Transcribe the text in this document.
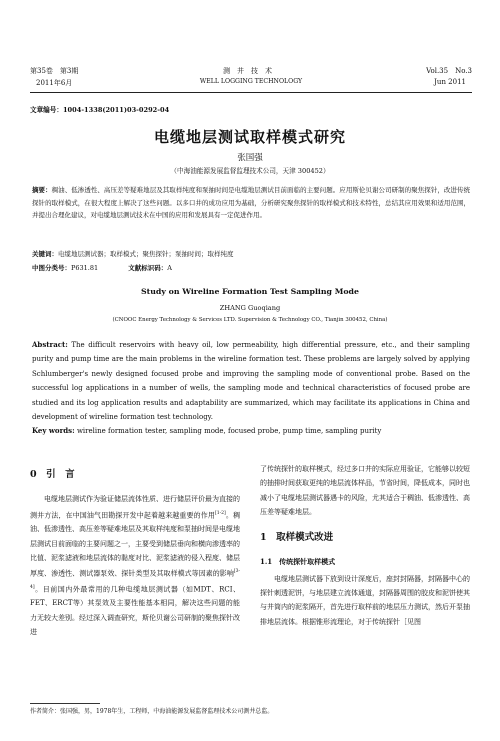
第35卷　第3期
2011年6月
测井技术
WELL LOGGING TECHNOLOGY
Vol.35　No.3
Jun 2011
文章编号：1004-1338(2011)03-0292-04
电缆地层测试取样模式研究
张国强
（中海油能源发展监督监理技术公司，天津 300452）
摘要：稠油、低渗透性、高压差等疑难地层及其取样纯度和泵抽时间是电缆地层测试目前面临的主要问题。应用斯伦贝谢公司研制的聚焦探针，改进传统探针的取样模式，在很大程度上解决了这些问题。以多口井的成功应用为基础，分析研究聚焦探针的取样模式和技术特性，总结其应用效果和适用范围，并提出合理化建议，对电缆地层测试技术在中国的应用和发展具有一定促进作用。
关键词：电缆地层测试器；取样模式；聚焦探针；泵抽时间；取样纯度
中图分类号：P631.81	文献标识码：A
Study on Wireline Formation Test Sampling Mode
ZHANG Guoqiang
(CNOOC Energy Technology & Services LTD. Supervision & Technology CO., Tianjin 300452, China)
Abstract: The difficult reservoirs with heavy oil, low permeability, high differential pressure, etc., and their sampling purity and pump time are the main problems in the wireline formation test. These problems are largely solved by applying Schlumberger's newly designed focused probe and improving the sampling mode of conventional probe. Based on the successful log applications in a number of wells, the sampling mode and technical characteristics of focused probe are studied and its log application results and adaptability are summarized, which may facilitate its applications in China and development of wireline formation test technology.
Key words: wireline formation tester, sampling mode, focused probe, pump time, sampling purity
0　引　言

电缆地层测试作为验证储层流体性质、进行储层评价最为直接的测井方法，在中国油气田勘探开发中起着越来越重要的作用[1-2]。稠油、低渗透性、高压差等疑难地层及其取样纯度和泵抽时间是电缆地层测试目前面临的主要问题之一，主要受到储层垂向和横向渗透率的比值、泥浆滤液和地层流体的黏度对比、泥浆滤液的侵入程度、储层厚度、渗透性、测试器泵效、探针类型及其取样模式等因素的影响[3-4]。目前国内外最常用的几种电缆地层测试器（如MDT、RCI、FET、ERCT等）其泵效及主要性能基本相同，解决这些问题的能力无较大差别。经过深入调查研究，斯伦贝谢公司研制的聚焦探针改进

了传统探针的取样模式，经过多口井的实际应用验证，它能够以较短的抽排时间获取更纯的地层流体样品，节省时间，降低成本，同时也减小了电缆地层测试器遇卡的风险，尤其适合于稠油、低渗透性、高压差等疑难地层。

1　取样模式改进
1.1　传统探针取样模式

电缆地层测试器下放到设计深度后，座封封隔器，封隔器中心的探针刺透泥饼，与地层建立流体通道，封隔器周围的胶皮和泥饼使其与井筒内的泥浆隔开，首先进行取样前的地层压力测试，然后开泵抽排地层流体。根据锥形流理论，对于传统探针［见图

作者简介：张国强，男，1978年生，工程师，中海油能源发展监督监理技术公司测井总监。
